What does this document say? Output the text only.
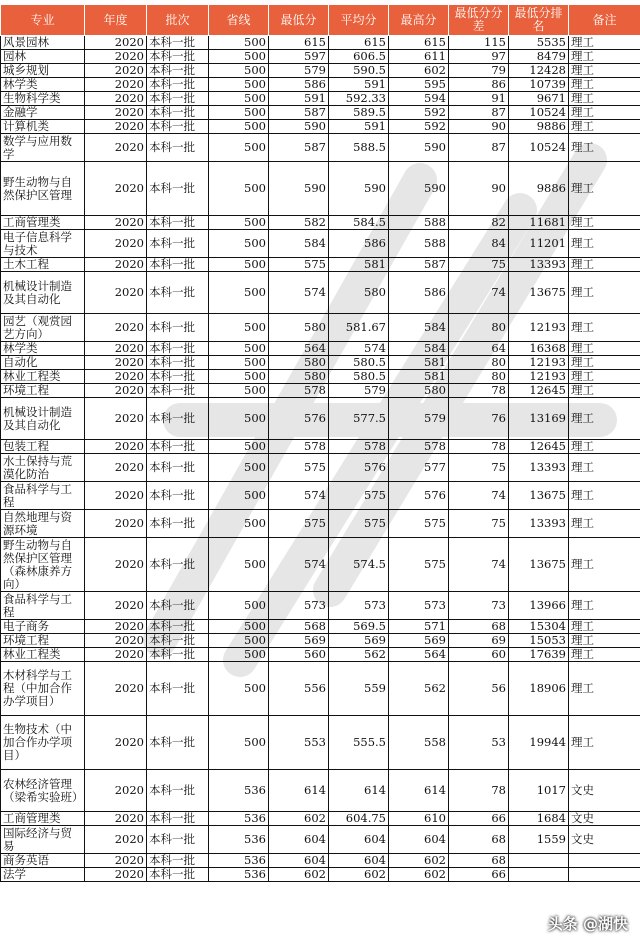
专业	年度	批次	省线	最低分	平均分	最高分	最低分分差	最低分排名	备注
风景园林	2020	本科一批	500	615	615	615	115	5535	理工
园林	2020	本科一批	500	597	606.5	611	97	8479	理工
城乡规划	2020	本科一批	500	579	590.5	602	79	12428	理工
林学类	2020	本科一批	500	586	591	595	86	10739	理工
生物科学类	2020	本科一批	500	591	592.33	594	91	9671	理工
金融学	2020	本科一批	500	587	589.5	592	87	10524	理工
计算机类	2020	本科一批	500	590	591	592	90	9886	理工
数学与应用数学	2020	本科一批	500	587	588.5	590	87	10524	理工
野生动物与自然保护区管理	2020	本科一批	500	590	590	590	90	9886	理工
工商管理类	2020	本科一批	500	582	584.5	588	82	11681	理工
电子信息科学与技术	2020	本科一批	500	584	586	588	84	11201	理工
土木工程	2020	本科一批	500	575	581	587	75	13393	理工
机械设计制造及其自动化	2020	本科一批	500	574	580	586	74	13675	理工
园艺（观赏园艺方向）	2020	本科一批	500	580	581.67	584	80	12193	理工
林学类	2020	本科一批	500	564	574	584	64	16368	理工
自动化	2020	本科一批	500	580	580.5	581	80	12193	理工
林业工程类	2020	本科一批	500	580	580.5	581	80	12193	理工
环境工程	2020	本科一批	500	578	579	580	78	12645	理工
机械设计制造及其自动化	2020	本科一批	500	576	577.5	579	76	13169	理工
包装工程	2020	本科一批	500	578	578	578	78	12645	理工
水土保持与荒漠化防治	2020	本科一批	500	575	576	577	75	13393	理工
食品科学与工程	2020	本科一批	500	574	575	576	74	13675	理工
自然地理与资源环境	2020	本科一批	500	575	575	575	75	13393	理工
野生动物与自然保护区管理（森林康养方向）	2020	本科一批	500	574	574.5	575	74	13675	理工
食品科学与工程	2020	本科一批	500	573	573	573	73	13966	理工
电子商务	2020	本科一批	500	568	569.5	571	68	15304	理工
环境工程	2020	本科一批	500	569	569	569	69	15053	理工
林业工程类	2020	本科一批	500	560	562	564	60	17639	理工
木材科学与工程（中加合作办学项目）	2020	本科一批	500	556	559	562	56	18906	理工
生物技术（中加合作办学项目）	2020	本科一批	500	553	555.5	558	53	19944	理工
农林经济管理（梁希实验班）	2020	本科一批	536	614	614	614	78	1017	文史
工商管理类	2020	本科一批	536	602	604.75	610	66	1684	文史
国际经济与贸易	2020	本科一批	536	604	604	604	68	1559	文史
商务英语	2020	本科一批	536	604	604	602	68		
法学	2020	本科一批	536	602	602	602	66		
头条 @湖快
